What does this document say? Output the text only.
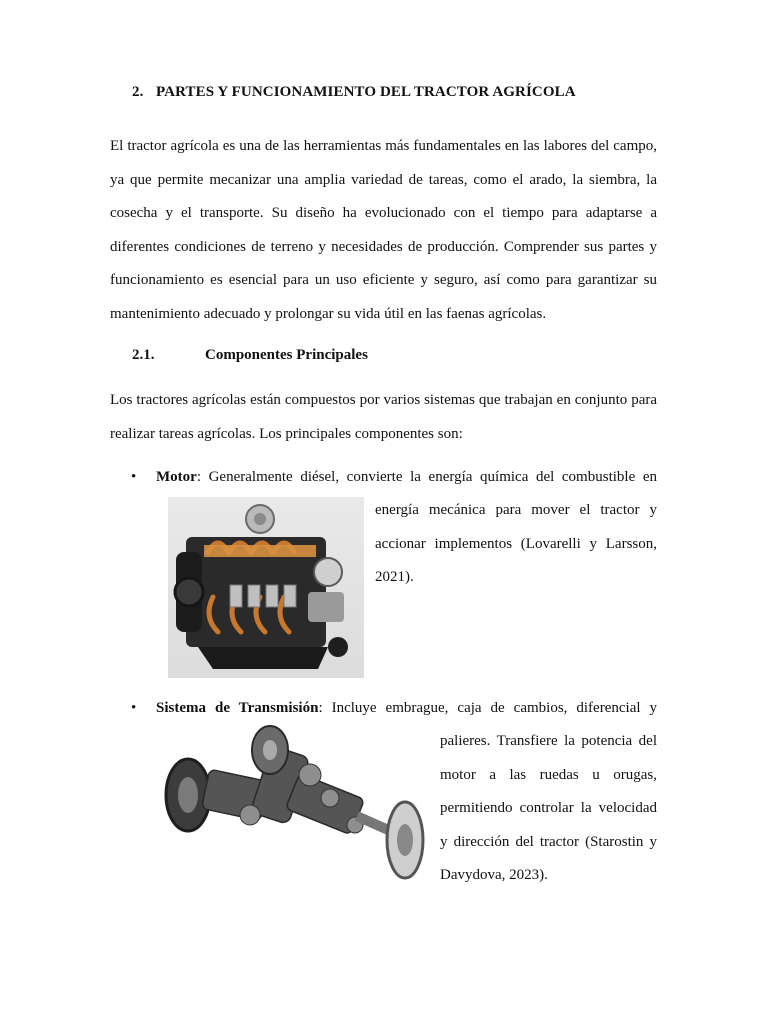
2. PARTES Y FUNCIONAMIENTO DEL TRACTOR AGRÍCOLA

El tractor agrícola es una de las herramientas más fundamentales en las labores del campo, ya que permite mecanizar una amplia variedad de tareas, como el arado, la siembra, la cosecha y el transporte. Su diseño ha evolucionado con el tiempo para adaptarse a diferentes condiciones de terreno y necesidades de producción. Comprender sus partes y funcionamiento es esencial para un uso eficiente y seguro, así como para garantizar su mantenimiento adecuado y prolongar su vida útil en las faenas agrícolas.

2.1.	Componentes Principales

Los tractores agrícolas están compuestos por varios sistemas que trabajan en conjunto para realizar tareas agrícolas. Los principales componentes son:

• Motor: Generalmente diésel, convierte la energía química del combustible en
energía mecánica para mover el tractor y
accionar implementos (Lovarelli y Larsson,
2021).
• Sistema de Transmisión: Incluye embrague, caja de cambios, diferencial y
palieres. Transfiere la potencia del
motor a las ruedas u orugas,
permitiendo controlar la velocidad
y dirección del tractor (Starostin y
Davydova, 2023).
